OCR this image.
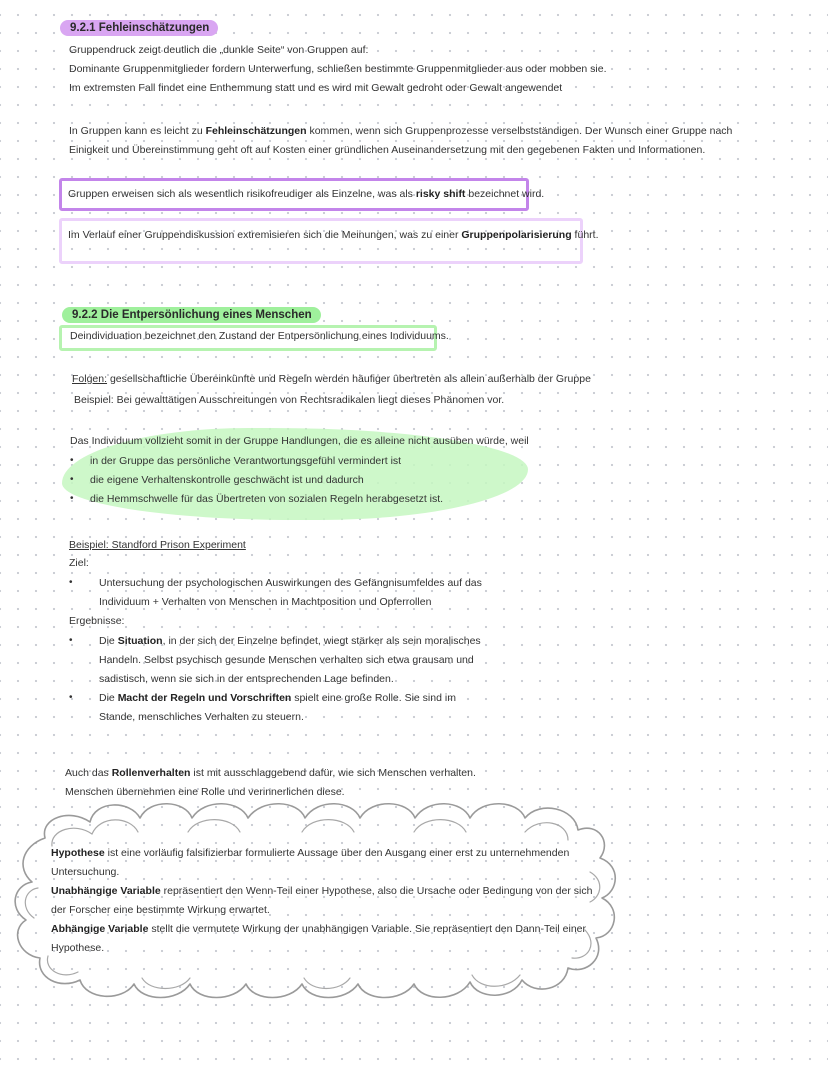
9.2.1 Fehleinschätzungen
Gruppendruck zeigt deutlich die „dunkle Seite“ von Gruppen auf:
Dominante Gruppenmitglieder fordern Unterwerfung, schließen bestimmte Gruppenmitglieder aus oder mobben sie.
Im extremsten Fall findet eine Enthemmung statt und es wird mit Gewalt gedroht oder Gewalt angewendet
In Gruppen kann es leicht zu Fehleinschätzungen kommen, wenn sich Gruppenprozesse verselbstständigen. Der Wunsch einer Gruppe nach
Einigkeit und Übereinstimmung geht oft auf Kosten einer gründlichen Auseinandersetzung mit den gegebenen Fakten und Informationen.
Gruppen erweisen sich als wesentlich risikofreudiger als Einzelne, was als risky shift bezeichnet wird.
Im Verlauf einer Gruppendiskussion extremisieren sich die Meinungen, was zu einer Gruppenpolarisierung führt.
9.2.2 Die Entpersönlichung eines Menschen
Deindividuation bezeichnet den Zustand der Entpersönlichung eines Individuums.
Folgen: gesellschaftliche Übereinkünfte und Regeln werden häufiger übertreten als allein außerhalb der Gruppe
Beispiel: Bei gewalttätigen Ausschreitungen von Rechtsradikalen liegt dieses Phänomen vor.
Das Individuum vollzieht somit in der Gruppe Handlungen, die es alleine nicht ausüben würde, weil
• in der Gruppe das persönliche Verantwortungsgefühl vermindert ist
• die eigene Verhaltenskontrolle geschwächt ist und dadurch
• die Hemmschwelle für das Übertreten von sozialen Regeln herabgesetzt ist.
Beispiel: Standford Prison Experiment
Ziel:
•	Untersuchung der psychologischen Auswirkungen des Gefängnisumfeldes auf das
Individuum + Verhalten von Menschen in Machtposition und Opferrollen
Ergebnisse:
•	Die Situation, in der sich der Einzelne befindet, wiegt stärker als sein moralisches
Handeln. Selbst psychisch gesunde Menschen verhalten sich etwa grausam und
sadistisch, wenn sie sich in der entsprechenden Lage befinden.
•	Die Macht der Regeln und Vorschriften spielt eine große Rolle. Sie sind im
Stande, menschliches Verhalten zu steuern.
Auch das Rollenverhalten ist mit ausschlaggebend dafür, wie sich Menschen verhalten.
Menschen übernehmen eine Rolle und verinnerlichen diese.
Hypothese ist eine vorläufig falsifizierbar formulierte Aussage über den Ausgang einer erst zu unternehmenden
Untersuchung.
Unabhängige Variable repräsentiert den Wenn-Teil einer Hypothese, also die Ursache oder Bedingung von der sich
der Forscher eine bestimmte Wirkung erwartet.
Abhängige Variable stellt die vermutete Wirkung der unabhängigen Variable. Sie repräsentiert den Dann-Teil einer
Hypothese.
